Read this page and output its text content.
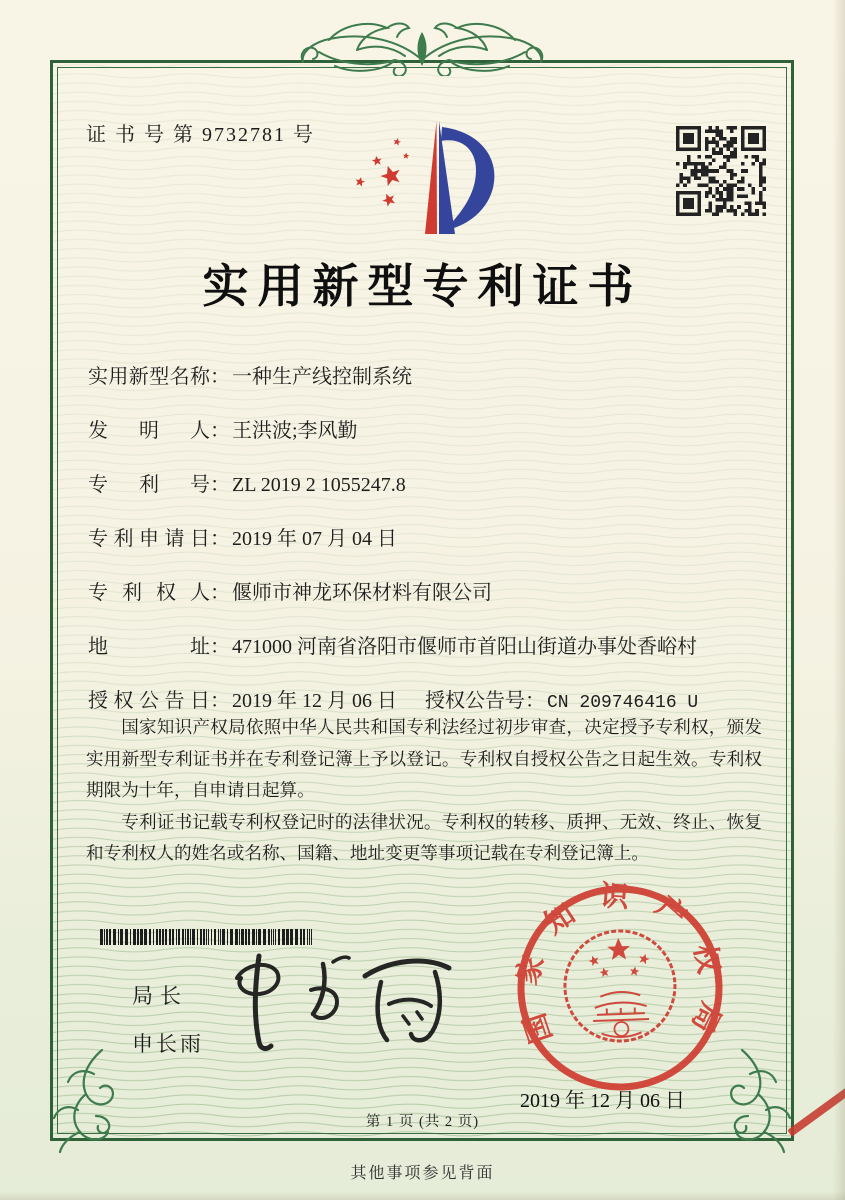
证 书 号 第 9732781 号
实用新型专利证书
实用新型名称： 一种生产线控制系统
发明人： 王洪波;李风勤
专利号： ZL 2019 2 1055247.8
专利申请日： 2019 年 07 月 04 日
专利权人： 偃师市神龙环保材料有限公司
地址： 471000 河南省洛阳市偃师市首阳山街道办事处香峪村
授权公告日： 2019 年 12 月 06 日 授权公告号： CN 209746416 U

国家知识产权局依照中华人民共和国专利法经过初步审查，决定授予专利权，颁发实用新型专利证书并在专利登记簿上予以登记。专利权自授权公告之日起生效。专利权期限为十年，自申请日起算。

专利证书记载专利权登记时的法律状况。专利权的转移、质押、无效、终止、恢复和专利权人的姓名或名称、国籍、地址变更等事项记载在专利登记簿上。

局长
申长雨	国家知识产权局
2019 年 12 月 06 日
第 1 页 (共 2 页)
其他事项参见背面
